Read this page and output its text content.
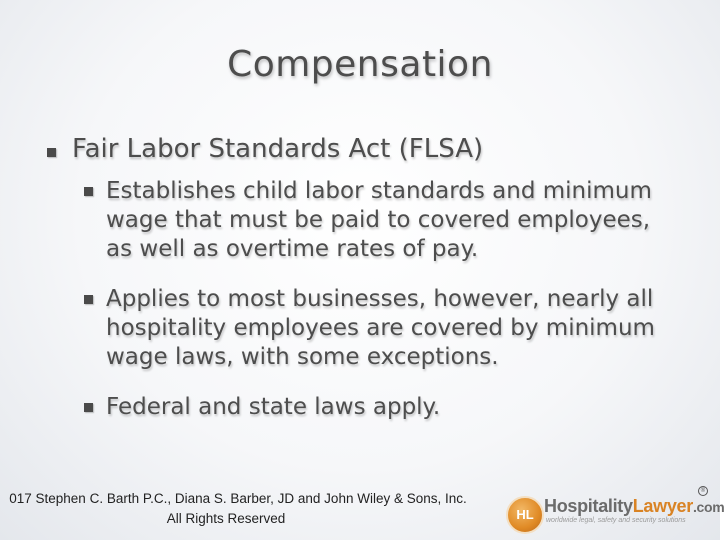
Compensation
Fair Labor Standards Act (FLSA)
Establishes child labor standards and minimum wage that must be paid to covered employees, as well as overtime rates of pay.
Applies to most businesses, however, nearly all hospitality employees are covered by minimum wage laws, with some exceptions.
Federal and state laws apply.
017 Stephen C. Barth P.C., Diana S. Barber, JD and John Wiley & Sons, Inc.
All Rights Reserved	HL HospitalityLawyer.com
worldwide legal, safety and security solutions
®
